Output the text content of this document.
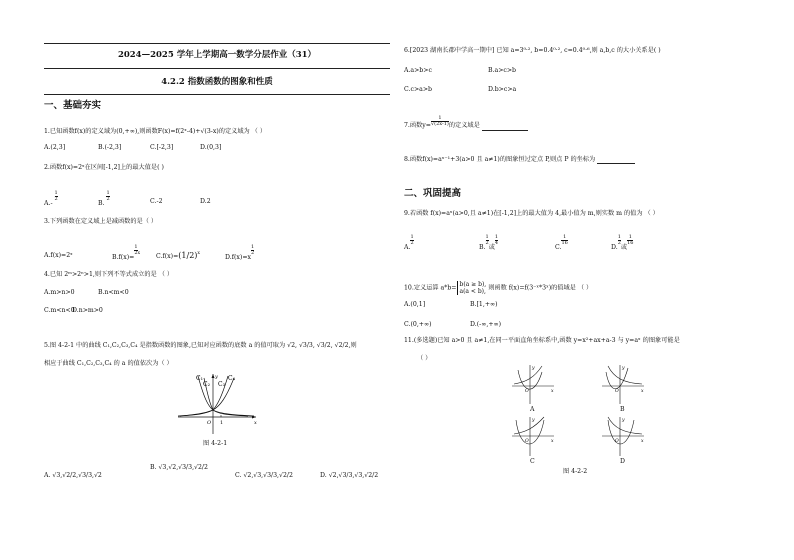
2024—2025 学年上学期高一数学分层作业（31）
4.2.2 指数函数的图象和性质
一、基础夯实
1.已知函数f(x)的定义域为(0,+∞),则函数F(x)=f(2ˣ-4)+√(3-x)的定义域为 （ ）
A.(2,3]	B.(-2,3]	C.[-2,3]	D.(0,3]
2.函数f(x)=2ˣ在区间[-1,2]上的最大值是( )
A.-
$\frac{1}{2}$
B.
$\frac{1}{2}$	C.-2	D.2
3.下列函数在定义域上是减函数的是（ ）
A.f(x)=2ˣ	B.f(x)=
$\frac{1}{2} ^x$	$C.f(x)=(1/2)^x$
D.f(x)=x
$\frac{1}{2}$
4.已知 2ᵐ>2ⁿ>1,则下列不等式成立的是 （ ）
A.m>n>0	B.n<m<0
C.m<n<0
D.n>m>0
5.图 4-2-1 中的曲线 C₁,C₂,C₃,C₄ 是指数函数的图象,已知对应函数的底数 a 的值可取为 √2, √3/3, √3/2, √2/2,则
相应于曲线 C₁,C₂,C₃,C₄ 的 a 的值依次为（ ）
C₁
C₂ C₃
C₄
y
x
O 1
图 4-2-1
A. √3,√2/2,√3/3,√2
B. √3,√2,√3/3,√2/2
C. √2,√3,√3/3,√2/2	D. √2,√3/3,√3,√2/2
6.[2023 湖南长郡中学高一期中] 已知 a=3⁰·², b=0.4⁰·², c=0.4⁰·⁶,则 a,b,c 的大小关系是( )
A.a>b>c	B.a>c>b
C.c>a>b	D.b>c>a
7.函数$y= \frac{1}{√(2x-1)}$ 的定义域是
8.函数f(x)=aˣ⁻¹+3(a>0 且 a≠1)的图象恒过定点 P,则点 P 的坐标为
二、巩固提高
9.若函数 f(x)=aˣ(a>0,且 a≠1)在[-1,2]上的最大值为 4,最小值为 m,则实数 m 的值为 （ ）
A.
$\frac{1}{2}$
B.
$\frac{1}{2}$
或
$\frac{1}{4}$
C.
$\frac{1}{16}$
D.
$\frac{1}{2}$
或
$\frac{1}{16}$
10.定义运算 a*b= b(a ≥ b),
a(a < b), 则函数 f(x)=f(3⁻ˣ*3ˣ)的值域是 （ ）
A.(0,1]	B.[1,+∞)
C.(0,+∞)	D.(-∞,+∞)
11.(多选题)已知 a>0 且 a≠1,在同一平面直角坐标系中,函数 y=x²+ax+a-3 与 y=aˣ 的图象可能是
（ ）
x
y
O
A
x
y
O
B
x
y
O
C
x
y
O
D
图 4-2-2
